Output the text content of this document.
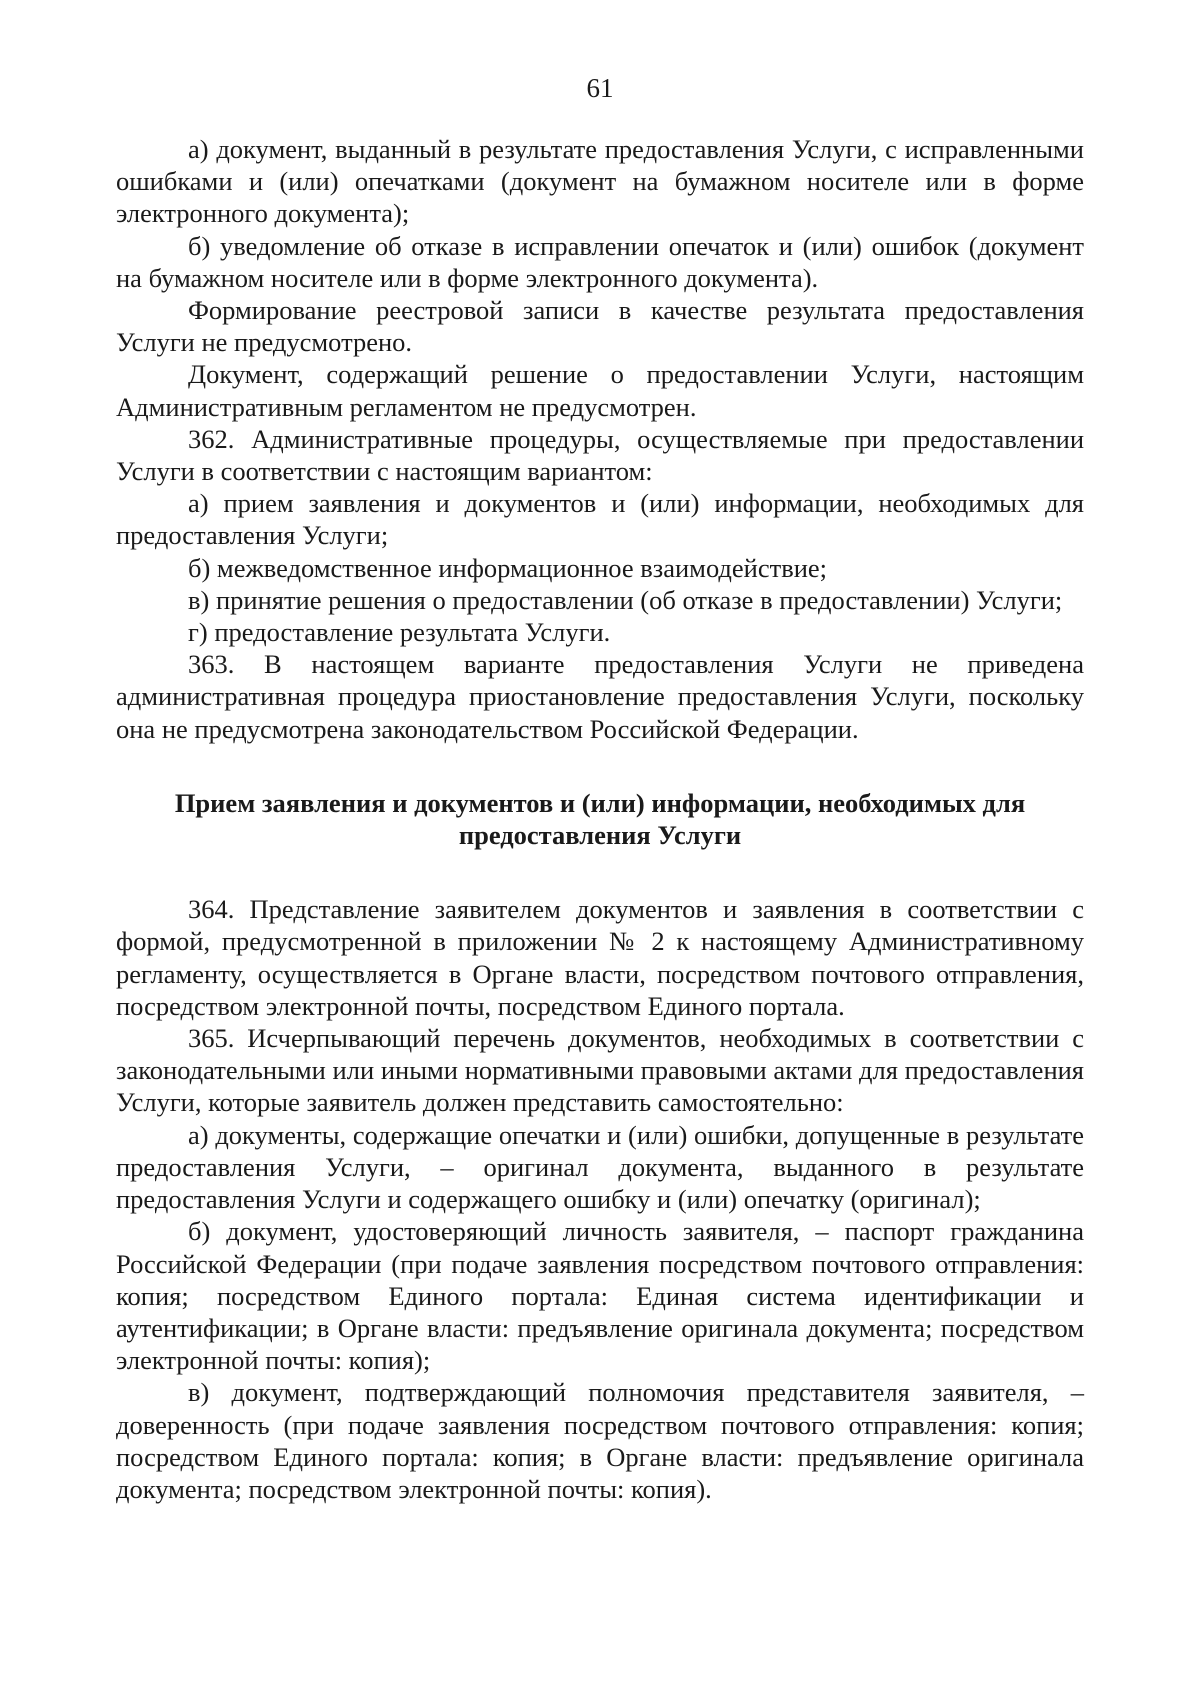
61

а) документ, выданный в результате предоставления Услуги, с исправленными ошибками и (или) опечатками (документ на бумажном носителе или в форме электронного документа);

б) уведомление об отказе в исправлении опечаток и (или) ошибок (документ на бумажном носителе или в форме электронного документа).

Формирование реестровой записи в качестве результата предоставления Услуги не предусмотрено.

Документ, содержащий решение о предоставлении Услуги, настоящим Административным регламентом не предусмотрен.

362. Административные процедуры, осуществляемые при предоставлении Услуги в соответствии с настоящим вариантом:

а) прием заявления и документов и (или) информации, необходимых для предоставления Услуги;

б) межведомственное информационное взаимодействие;

в) принятие решения о предоставлении (об отказе в предоставлении) Услуги;

г) предоставление результата Услуги.

363. В настоящем варианте предоставления Услуги не приведена административная процедура приостановление предоставления Услуги, поскольку она не предусмотрена законодательством Российской Федерации.

Прием заявления и документов и (или) информации, необходимых для предоставления Услуги

364. Представление заявителем документов и заявления в соответствии с формой, предусмотренной в приложении № 2 к настоящему Административному регламенту, осуществляется в Органе власти, посредством почтового отправления, посредством электронной почты, посредством Единого портала.

365. Исчерпывающий перечень документов, необходимых в соответствии с законодательными или иными нормативными правовыми актами для предоставления Услуги, которые заявитель должен представить самостоятельно:

а) документы, содержащие опечатки и (или) ошибки, допущенные в результате предоставления Услуги, – оригинал документа, выданного в результате предоставления Услуги и содержащего ошибку и (или) опечатку (оригинал);

б) документ, удостоверяющий личность заявителя, – паспорт гражданина Российской Федерации (при подаче заявления посредством почтового отправления: копия; посредством Единого портала: Единая система идентификации и аутентификации; в Органе власти: предъявление оригинала документа; посредством электронной почты: копия);

в) документ, подтверждающий полномочия представителя заявителя, – доверенность (при подаче заявления посредством почтового отправления: копия; посредством Единого портала: копия; в Органе власти: предъявление оригинала документа; посредством электронной почты: копия).
